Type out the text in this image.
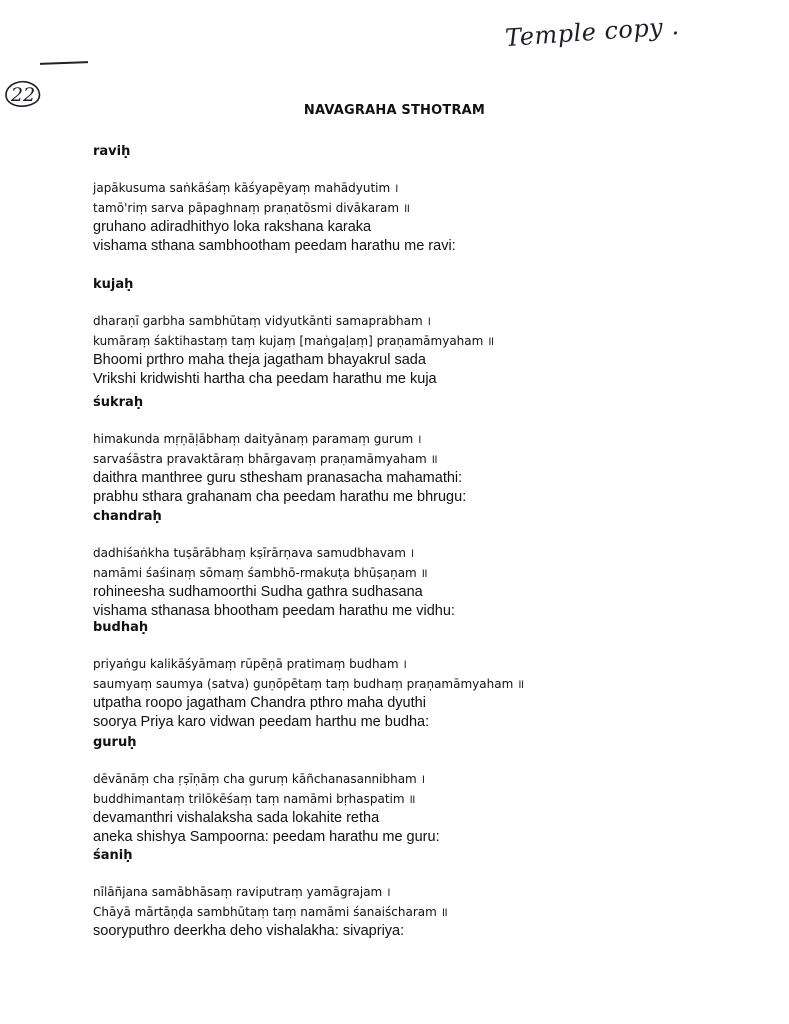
Temple copy .
22
NAVAGRAHA STHOTRAM
raviḥ
japākusuma saṅkāśaṃ kāśyapēyaṃ mahādyutim ।
tamō'riṃ sarva pāpaghnaṃ praṇatōsmi divākaram ॥
gruhano adiradhithyo loka rakshana karaka
vishama sthana sambhootham peedam harathu me ravi:
kujaḥ
dharaṇī garbha sambhūtaṃ vidyutkānti samaprabham ।
kumāraṃ śaktihastaṃ taṃ kujaṃ [maṅgaḷaṃ] praṇamāmyaham ॥
Bhoomi prthro maha theja jagatham bhayakrul sada
Vrikshi kridwishti hartha cha peedam harathu me kuja
śukraḥ
himakunda mṛṇāḷābhaṃ daityānaṃ paramaṃ gurum ।
sarvaśāstra pravaktāraṃ bhārgavaṃ praṇamāmyaham ॥
daithra manthree guru sthesham pranasacha mahamathi:
prabhu sthara grahanam cha peedam harathu me bhrugu:
chandraḥ
dadhiśaṅkha tuṣārābhaṃ kṣīrārṇava samudbhavam ।
namāmi śaśinaṃ sōmaṃ śambhō-rmakuṭa bhūṣaṇam ॥
rohineesha sudhamoorthi Sudha gathra sudhasana
vishama sthanasa bhootham peedam harathu me vidhu:
budhaḥ
priyaṅgu kalikāśyāmaṃ rūpēṇā pratimaṃ budham ।
saumyaṃ saumya (satva) guṇōpētaṃ taṃ budhaṃ praṇamāmyaham ॥
utpatha roopo jagatham Chandra pthro maha dyuthi
soorya Priya karo vidwan peedam harthu me budha:
guruḥ
dēvānāṃ cha ṛṣīṇāṃ cha guruṃ kāñchanasannibham ।
buddhimantaṃ trilōkēśaṃ taṃ namāmi bṛhaspatim ॥
devamanthri vishalaksha sada lokahite retha
aneka shishya Sampoorna: peedam harathu me guru:
śaniḥ
nīlāñjana samābhāsaṃ raviputraṃ yamāgrajam ।
Chāyā mārtāṇḍa sambhūtaṃ taṃ namāmi śanaiścharam ॥
sooryputhro deerkha deho vishalakha: sivapriya:
